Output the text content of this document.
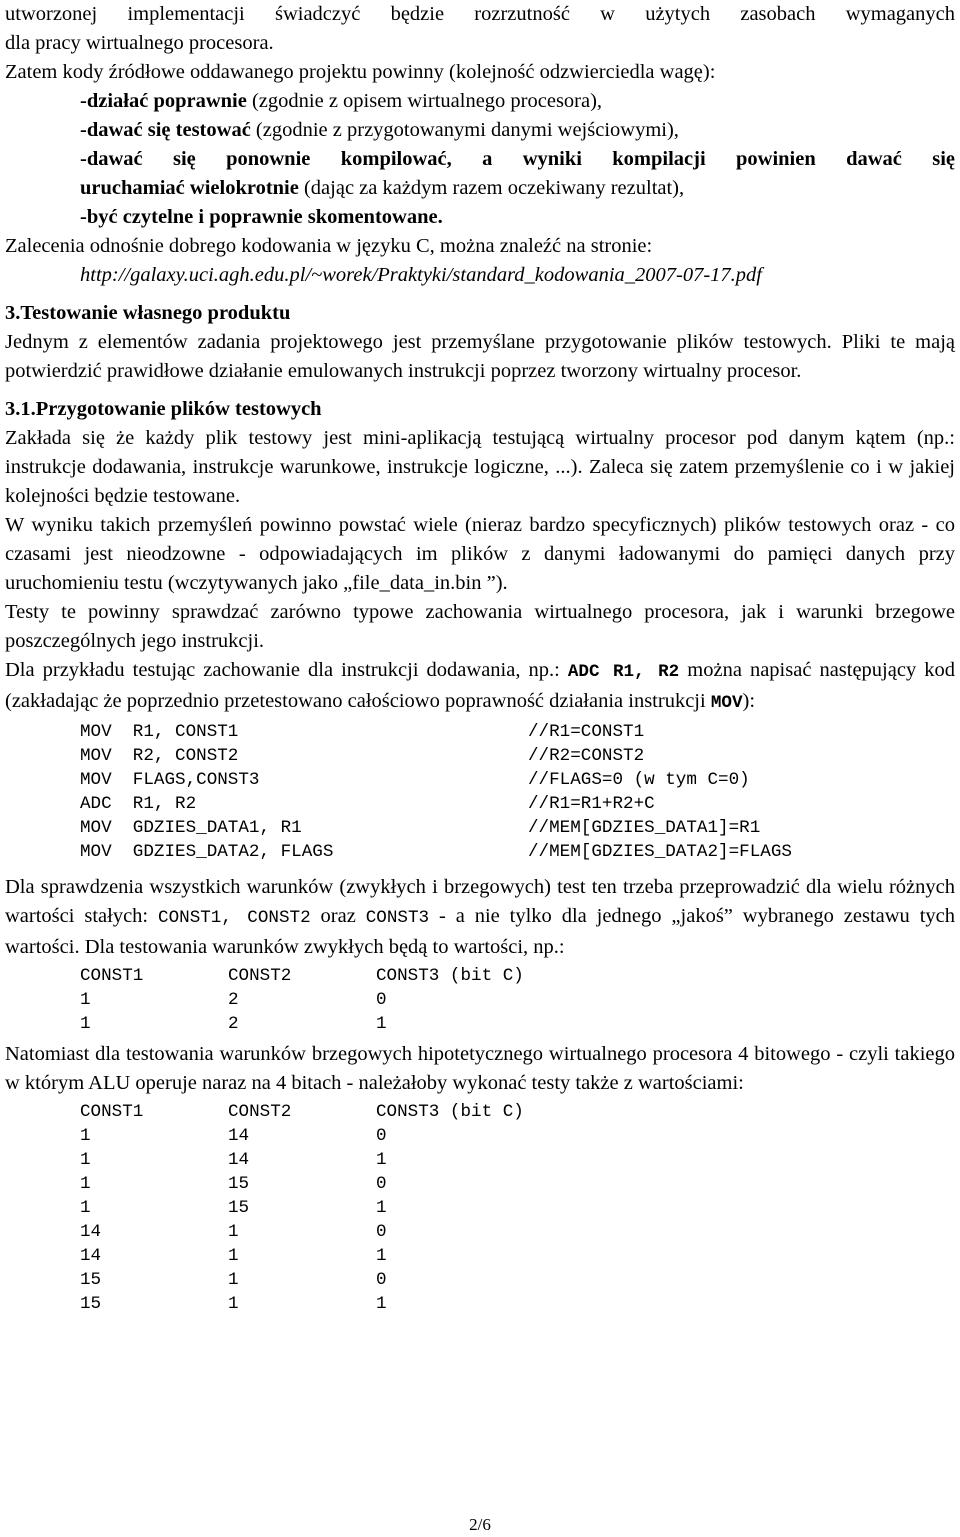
utworzonej implementacji świadczyć będzie rozrzutność w użytych zasobach wymaganych

dla pracy wirtualnego procesora.

Zatem kody źródłowe oddawanego projektu powinny (kolejność odzwierciedla wagę):

-działać poprawnie (zgodnie z opisem wirtualnego procesora),

-dawać się testować (zgodnie z przygotowanymi danymi wejściowymi),

-dawać się ponownie kompilować, a wyniki kompilacji powinien dawać się

uruchamiać wielokrotnie (dając za każdym razem oczekiwany rezultat),

-być czytelne i poprawnie skomentowane.

Zalecenia odnośnie dobrego kodowania w języku C, można znaleźć na stronie:

http://galaxy.uci.agh.edu.pl/~worek/Praktyki/standard_kodowania_2007-07-17.pdf

3.Testowanie własnego produktu

Jednym z elementów zadania projektowego jest przemyślane przygotowanie plików testowych. Pliki te mają potwierdzić prawidłowe działanie emulowanych instrukcji poprzez tworzony wirtualny procesor.

3.1.Przygotowanie plików testowych

Zakłada się że każdy plik testowy jest mini-aplikacją testującą wirtualny procesor pod danym kątem (np.: instrukcje dodawania, instrukcje warunkowe, instrukcje logiczne, ...). Zaleca się zatem przemyślenie co i w jakiej kolejności będzie testowane.

W wyniku takich przemyśleń powinno powstać wiele (nieraz bardzo specyficznych) plików testowych oraz - co czasami jest nieodzowne - odpowiadających im plików z danymi ładowanymi do pamięci danych przy uruchomieniu testu (wczytywanych jako „file_data_in.bin ”).

Testy te powinny sprawdzać zarówno typowe zachowania wirtualnego procesora, jak i warunki brzegowe poszczególnych jego instrukcji.

Dla przykładu testując zachowanie dla instrukcji dodawania, np.: ADC R1, R2 można napisać następujący kod (zakładając że poprzednio przetestowano całościowo poprawność działania instrukcji MOV):

MOV  R1, CONST1	//R1=CONST1
MOV  R2, CONST2	//R2=CONST2
MOV  FLAGS,CONST3	//FLAGS=0 (w tym C=0)
ADC  R1, R2	//R1=R1+R2+C
MOV  GDZIES_DATA1, R1	//MEM[GDZIES_DATA1]=R1
MOV  GDZIES_DATA2, FLAGS	//MEM[GDZIES_DATA2]=FLAGS

Dla sprawdzenia wszystkich warunków (zwykłych i brzegowych) test ten trzeba przeprowadzić dla wielu różnych wartości stałych: CONST1, CONST2 oraz CONST3 - a nie tylko dla jednego „jakoś” wybranego zestawu tych wartości. Dla testowania warunków zwykłych będą to wartości, np.:

CONST1	CONST2	CONST3 (bit C)
1	2	0
1	2	1

Natomiast dla testowania warunków brzegowych hipotetycznego wirtualnego procesora 4 bitowego - czyli takiego w którym ALU operuje naraz na 4 bitach - należałoby wykonać testy także z wartościami:

CONST1	CONST2	CONST3 (bit C)
1	14	0
1	14	1
1	15	0
1	15	1
14	1	0
14	1	1
15	1	0
15	1	1
2/6
